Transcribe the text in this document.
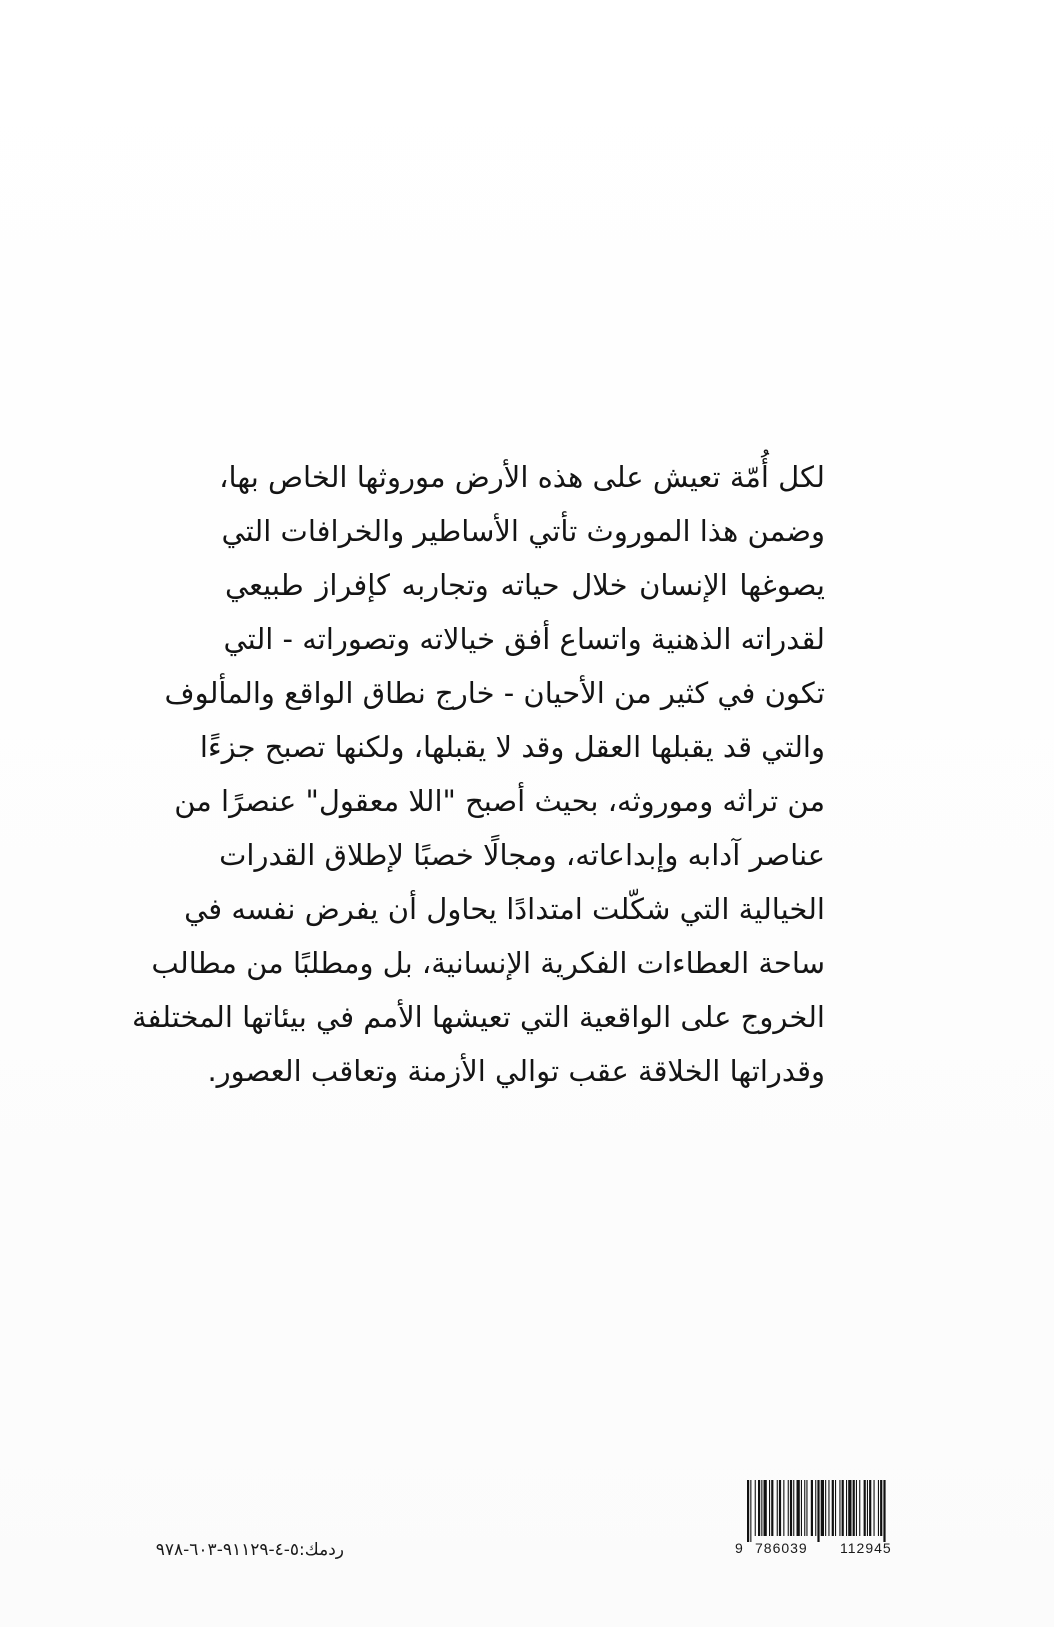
لكل أُمّة تعيش على هذه الأرض موروثها الخاص بها،
وضمن هذا الموروث تأتي الأساطير والخرافات التي
يصوغها الإنسان خلال حياته وتجاربه كإفراز طبيعي
لقدراته الذهنية واتساع أفق خيالاته وتصوراته - التي
تكون في كثير من الأحيان - خارج نطاق الواقع والمألوف
والتي قد يقبلها العقل وقد لا يقبلها، ولكنها تصبح جزءًا
من تراثه وموروثه، بحيث أصبح "اللا معقول" عنصرًا من
عناصر آدابه وإبداعاته، ومجالًا خصبًا لإطلاق القدرات
الخيالية التي شكّلت امتدادًا يحاول أن يفرض نفسه في
ساحة العطاءات الفكرية الإنسانية، بل ومطلبًا من مطالب
الخروج على الواقعية التي تعيشها الأمم في بيئاتها المختلفة
وقدراتها الخلاقة عقب توالي الأزمنة وتعاقب العصور.
9 786039 112945
ردمك:٥-٤-٩١١٢٩-٦٠٣-٩٧٨
